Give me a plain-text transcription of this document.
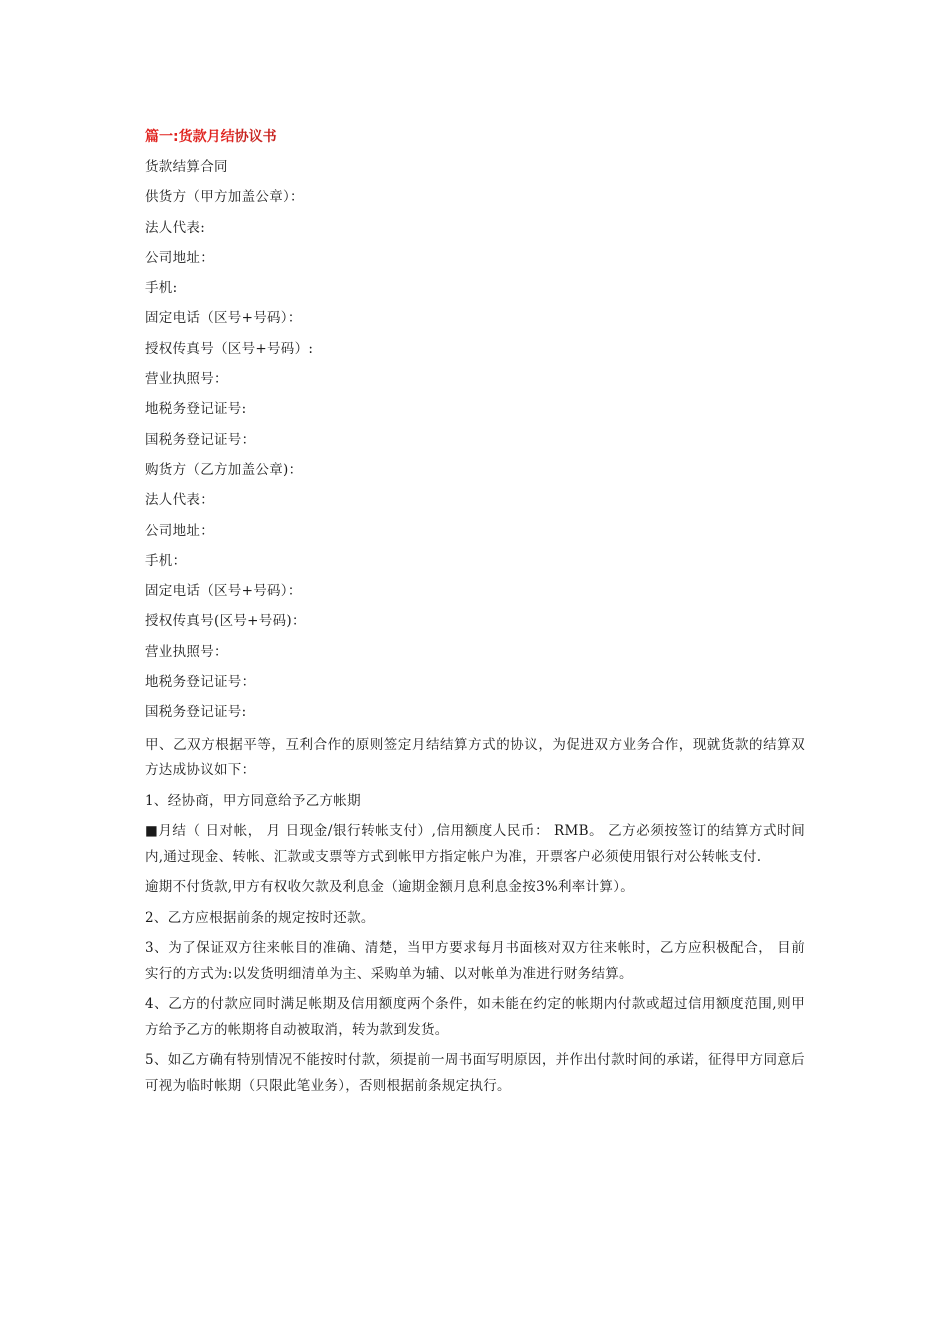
篇一:货款月结协议书
货款结算合同
供货方（甲方加盖公章）：
法人代表:
公司地址：
手机:
固定电话（区号+号码）：
授权传真号（区号+号码）:
营业执照号：
地税务登记证号:
国税务登记证号：
购货方（乙方加盖公章)：
法人代表：
公司地址：
手机：
固定电话（区号+号码）：
授权传真号(区号+号码)：
营业执照号：
地税务登记证号：
国税务登记证号:
甲、乙双方根据平等，互利合作的原则签定月结结算方式的协议，为促进双方业务合作，现就货款的结算双方达成协议如下：
1、经协商，甲方同意给予乙方帐期
■月结（ 日对帐， 月 日现金/银行转帐支付）,信用额度人民币： RMB。 乙方必须按签订的结算方式时间内,通过现金、转帐、汇款或支票等方式到帐甲方指定帐户为准，开票客户必须使用银行对公转帐支付.
逾期不付货款,甲方有权收欠款及利息金（逾期金额月息利息金按3%利率计算）。
2、乙方应根据前条的规定按时还款。
3、为了保证双方往来帐目的准确、清楚，当甲方要求每月书面核对双方往来帐时，乙方应积极配合， 目前实行的方式为:以发货明细清单为主、采购单为辅、以对帐单为准进行财务结算。
4、乙方的付款应同时满足帐期及信用额度两个条件，如未能在约定的帐期内付款或超过信用额度范围,则甲方给予乙方的帐期将自动被取消，转为款到发货。
5、如乙方确有特别情况不能按时付款，须提前一周书面写明原因，并作出付款时间的承诺，征得甲方同意后可视为临时帐期（只限此笔业务），否则根据前条规定执行。
